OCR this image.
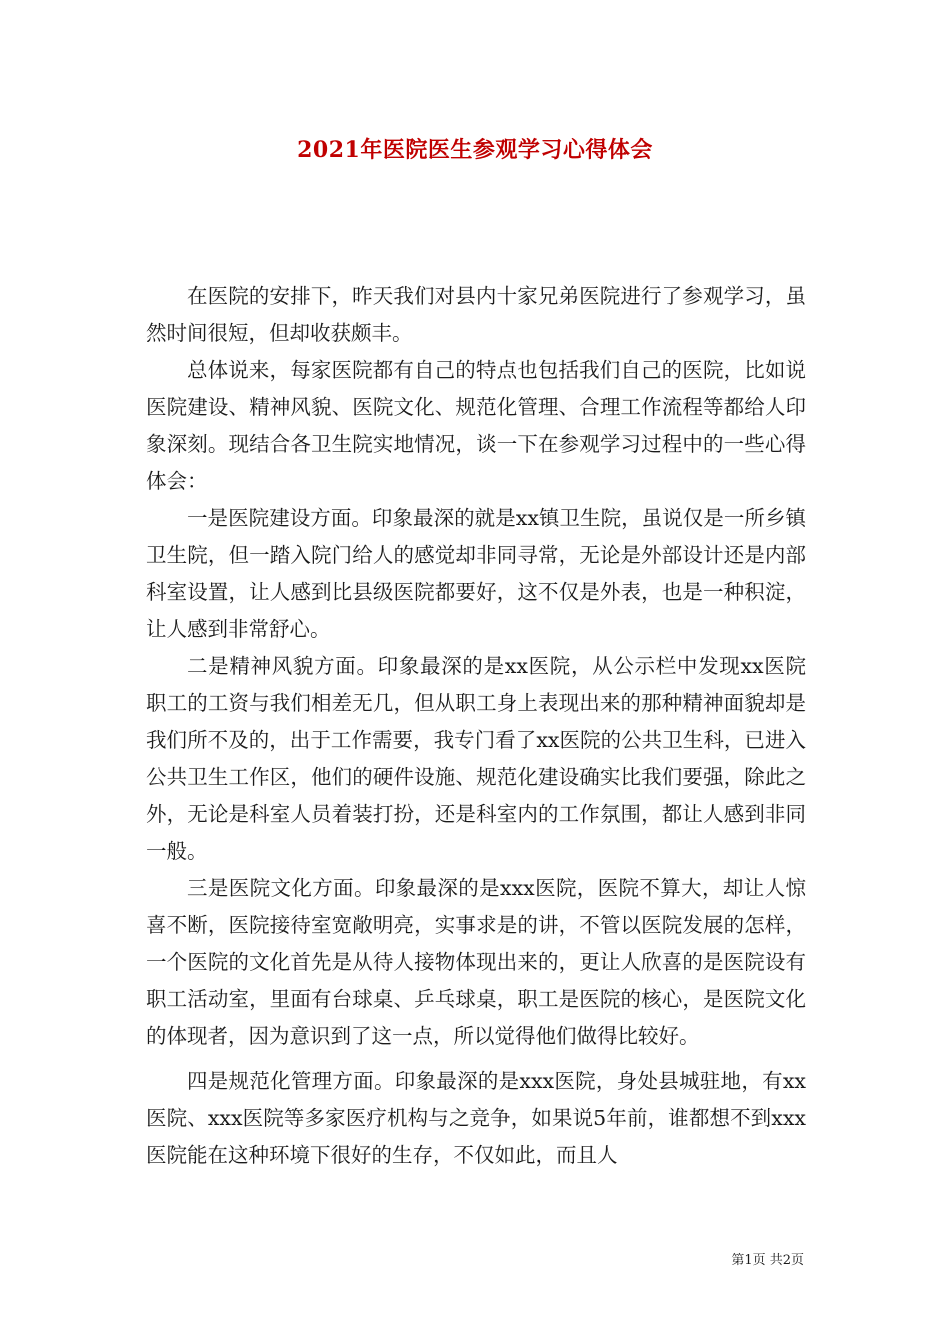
2021年医院医生参观学习心得体会

在医院的安排下，昨天我们对县内十家兄弟医院进行了参观学习，虽然时间很短，但却收获颇丰。

总体说来，每家医院都有自己的特点也包括我们自己的医院，比如说医院建设、精神风貌、医院文化、规范化管理、合理工作流程等都给人印象深刻。现结合各卫生院实地情况，谈一下在参观学习过程中的一些心得体会：

一是医院建设方面。印象最深的就是xx镇卫生院，虽说仅是一所乡镇卫生院，但一踏入院门给人的感觉却非同寻常，无论是外部设计还是内部科室设置，让人感到比县级医院都要好，这不仅是外表，也是一种积淀，让人感到非常舒心。

二是精神风貌方面。印象最深的是xx医院，从公示栏中发现xx医院职工的工资与我们相差无几，但从职工身上表现出来的那种精神面貌却是我们所不及的，出于工作需要，我专门看了xx医院的公共卫生科，已进入公共卫生工作区，他们的硬件设施、规范化建设确实比我们要强，除此之外，无论是科室人员着装打扮，还是科室内的工作氛围，都让人感到非同一般。

三是医院文化方面。印象最深的是xxx医院，医院不算大，却让人惊喜不断，医院接待室宽敞明亮，实事求是的讲，不管以医院发展的怎样，一个医院的文化首先是从待人接物体现出来的，更让人欣喜的是医院设有职工活动室，里面有台球桌、乒乓球桌，职工是医院的核心，是医院文化的体现者，因为意识到了这一点，所以觉得他们做得比较好。

四是规范化管理方面。印象最深的是xxx医院，身处县城驻地，有xx医院、xxx医院等多家医疗机构与之竞争，如果说5年前，谁都想不到xxx医院能在这种环境下很好的生存，不仅如此，而且人

第1页 共2页
